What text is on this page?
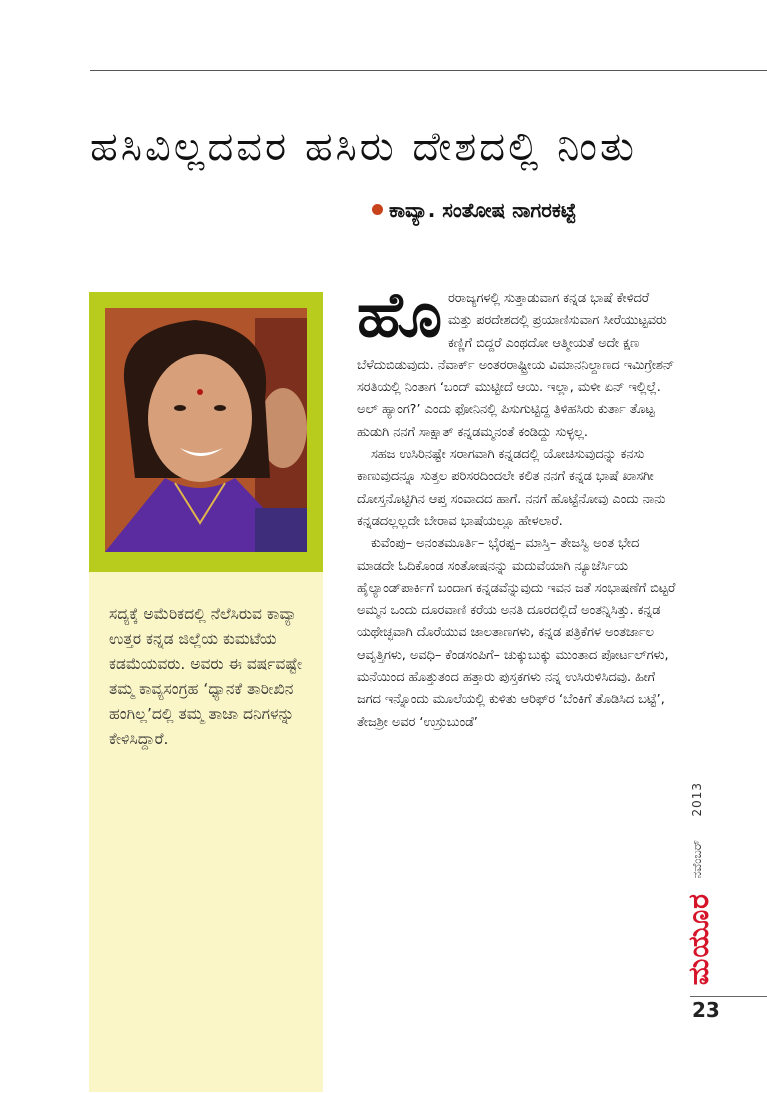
ಹಸಿವಿಲ್ಲದವರ ಹಸಿರು ದೇಶದಲ್ಲಿ ನಿಂತು
ಕಾವ್ಯಾ. ಸಂತೋಷ ನಾಗರಕಟ್ಟೆ
ಸದ್ಯಕ್ಕೆ ಅಮೆರಿಕದಲ್ಲಿ ನೆಲೆಸಿರುವ ಕಾವ್ಯಾ ಉತ್ತರ ಕನ್ನಡ ಜಿಲ್ಲೆಯ ಕುಮಟೆಯ ಕಡಮೆಯವರು. ಅವರು ಈ ವರ್ಷವಷ್ಟೇ ತಮ್ಮ ಕಾವ್ಯಸಂಗ್ರಹ ‘ಧ್ಯಾನಕೆ ತಾರೀಖಿನ ಹಂಗಿಲ್ಲ’ದಲ್ಲಿ ತಮ್ಮ ತಾಜಾ ದನಿಗಳನ್ನು ಕೇಳಿಸಿದ್ದಾರೆ.

ಹೊರರಾಜ್ಯಗಳಲ್ಲಿ ಸುತ್ತಾಡುವಾಗ ಕನ್ನಡ ಭಾಷೆ ಕೇಳಿದರೆ ಮತ್ತು ಪರದೇಶದಲ್ಲಿ ಪ್ರಯಾಣಿಸುವಾಗ ಸೀರೆಯುಟ್ಟವರು ಕಣ್ಣಿಗೆ ಬಿದ್ದರೆ ಎಂಥದೋ ಆತ್ಮೀಯತೆ ಅದೇ ಕ್ಷಣ ಬೆಳೆದುಬಿಡುವುದು. ನೆವಾರ್ಕ್ ಅಂತರರಾಷ್ಟ್ರೀಯ ವಿಮಾನನಿಲ್ದಾಣದ ಇಮಿಗ್ರೇಶನ್ ಸರತಿಯಲ್ಲಿ ನಿಂತಾಗ ‘ಬಂದ್ ಮುಟ್ಟೀದೆ ಆಯಿ. ಇಲ್ಲಾ, ಮಳೀ ಏನ್ ಇಲ್ಲಿಲ್ಲೆ. ಅಲ್ ಹ್ಯಾಂಗ?’ ಎಂದು ಫೋನಿನಲ್ಲಿ ಪಿಸುಗುಟ್ಟಿದ್ದ ತಿಳಿಹಸಿರು ಕುರ್ತಾ ತೊಟ್ಟ ಹುಡುಗಿ ನನಗೆ ಸಾಕ್ಷಾತ್ ಕನ್ನಡಮ್ಮನಂತೆ ಕಂಡಿದ್ದು ಸುಳ್ಳಲ್ಲ.

ಸಹಜ ಉಸಿರಿನಷ್ಟೇ ಸರಾಗವಾಗಿ ಕನ್ನಡದಲ್ಲಿ ಯೋಚಿಸುವುದನ್ನು ಕನಸು ಕಾಣುವುದನ್ನೂ ಸುತ್ತಲ ಪರಿಸರದಿಂದಲೇ ಕಲಿತ ನನಗೆ ಕನ್ನಡ ಭಾಷೆ ಖಾಸಗೀ ದೋಸ್ತನೊಟ್ಟಿಗಿನ ಆಪ್ತ ಸಂವಾದದ ಹಾಗೆ. ನನಗೆ ಹೊಟ್ಟೆನೋವು ಎಂದು ನಾನು ಕನ್ನಡದಲ್ಲಲ್ಲದೇ ಬೇರಾವ ಭಾಷೆಯಲ್ಲೂ ಹೇಳಲಾರೆ.

ಕುವೆಂಪು– ಅನಂತಮೂರ್ತಿ– ಭೈರಪ್ಪ– ಮಾಸ್ತಿ– ತೇಜಸ್ವಿ ಅಂತ ಭೇದ ಮಾಡದೇ ಓದಿಕೊಂಡ ಸಂತೋಷನನ್ನು ಮದುವೆಯಾಗಿ ನ್ಯೂಜೆರ್ಸಿಯ ಹೈಲ್ಯಾಂಡ್‌ಪಾರ್ಕಿಗೆ ಬಂದಾಗ ಕನ್ನಡವೆನ್ನುವುದು ಇವನ ಜತೆ ಸಂಭಾಷಣೆಗೆ ಬಿಟ್ಟರೆ ಅಮ್ಮನ ಒಂದು ದೂರವಾಣಿ ಕರೆಯ ಅನತಿ ದೂರದಲ್ಲಿದೆ ಅಂತನ್ನಿಸಿತ್ತು. ಕನ್ನಡ ಯಥೇಚ್ಛವಾಗಿ ದೊರೆಯುವ ಜಾಲತಾಣಗಳು, ಕನ್ನಡ ಪತ್ರಿಕೆಗಳ ಅಂತರ್ಜಾಲ ಆವೃತ್ತಿಗಳು, ಅವಧಿ– ಕೆಂಡಸಂಪಿಗೆ– ಚುಕ್ಕುಬುಕ್ಕು ಮುಂತಾದ ಪೋರ್ಟಲ್‌ಗಳು, ಮನೆಯಿಂದ ಹೊತ್ತುತಂದ ಹತ್ತಾರು ಪುಸ್ತಕಗಳು ನನ್ನ ಉಸಿರುಳಿಸಿದವು. ಹೀಗೆ ಜಗದ ಇನ್ನೊಂದು ಮೂಲೆಯಲ್ಲಿ ಕುಳಿತು ಆರಿಫ್‌ರ ‘ಬೆಂಕಿಗೆ ತೊಡಿಸಿದ ಬಟ್ಟೆ’, ತೇಜಶ್ರೀ ಅವರ ‘ಉಸ್ರುಬುಂಡೆ’

2013
ನವೆಂಬರ್
ಮಯೂರ
23
